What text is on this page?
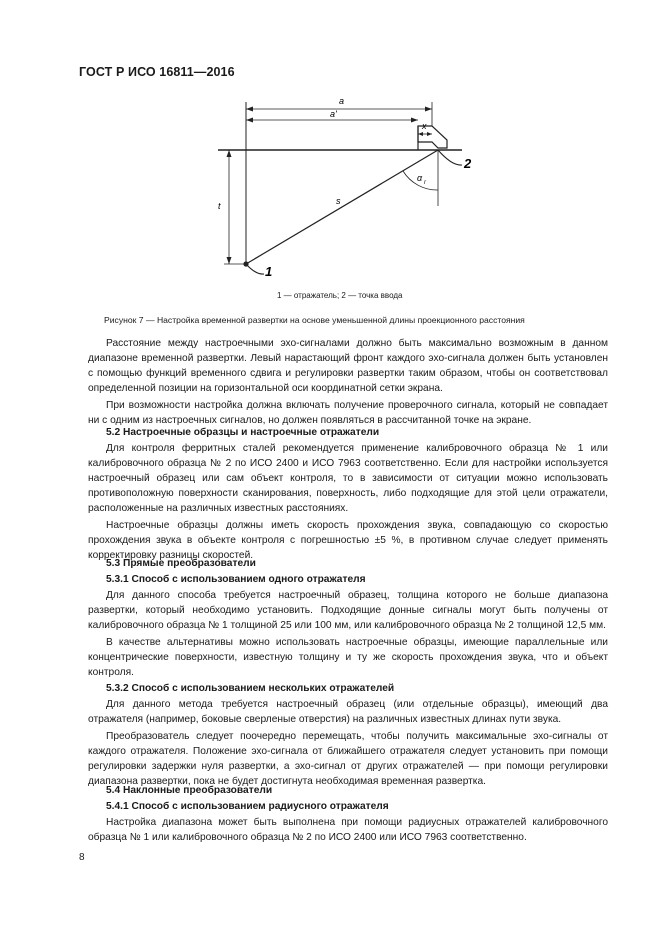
ГОСТ Р ИСО 16811—2016
a
a'
x
t	s
α r
1
2
1 — отражатель; 2 — точка ввода
Рисунок 7 — Настройка временной развертки на основе уменьшенной длины проекционного расстояния

Расстояние между настроечными эхо-сигналами должно быть максимально возможным в данном диапазоне временной развертки. Левый нарастающий фронт каждого эхо-сигнала должен быть установлен с помощью функций временного сдвига и регулировки развертки таким образом, чтобы он соответствовал определенной позиции на горизонтальной оси координатной сетки экрана.

При возможности настройка должна включать получение проверочного сигнала, который не совпадает ни с одним из настроечных сигналов, но должен появляться в рассчитанной точке на экране.

5.2 Настроечные образцы и настроечные отражатели

Для контроля ферритных сталей рекомендуется применение калибровочного образца № 1 или калибровочного образца № 2 по ИСО 2400 и ИСО 7963 соответственно. Если для настройки используется настроечный образец или сам объект контроля, то в зависимости от ситуации можно использовать противоположную поверхности сканирования, поверхность, либо подходящие для этой цели отражатели, расположенные на различных известных расстояниях.

Настроечные образцы должны иметь скорость прохождения звука, совпадающую со скоростью прохождения звука в объекте контроля с погрешностью ±5 %, в противном случае следует применять корректировку разницы скоростей.

5.3 Прямые преобразователи
5.3.1 Способ с использованием одного отражателя

Для данного способа требуется настроечный образец, толщина которого не больше диапазона развертки, который необходимо установить. Подходящие донные сигналы могут быть получены от калибровочного образца № 1 толщиной 25 или 100 мм, или калибровочного образца № 2 толщиной 12,5 мм.

В качестве альтернативы можно использовать настроечные образцы, имеющие параллельные или концентрические поверхности, известную толщину и ту же скорость прохождения звука, что и объект контроля.

5.3.2 Способ с использованием нескольких отражателей

Для данного метода требуется настроечный образец (или отдельные образцы), имеющий два отражателя (например, боковые сверленые отверстия) на различных известных длинах пути звука.

Преобразователь следует поочередно перемещать, чтобы получить максимальные эхо-сигналы от каждого отражателя. Положение эхо-сигнала от ближайшего отражателя следует установить при помощи регулировки задержки нуля развертки, а эхо-сигнал от других отражателей — при помощи регулировки диапазона развертки, пока не будет достигнута необходимая временная развертка.

5.4 Наклонные преобразователи
5.4.1 Способ с использованием радиусного отражателя

Настройка диапазона может быть выполнена при помощи радиусных отражателей калибровочного образца № 1 или калибровочного образца № 2 по ИСО 2400 или ИСО 7963 соответственно.

8
